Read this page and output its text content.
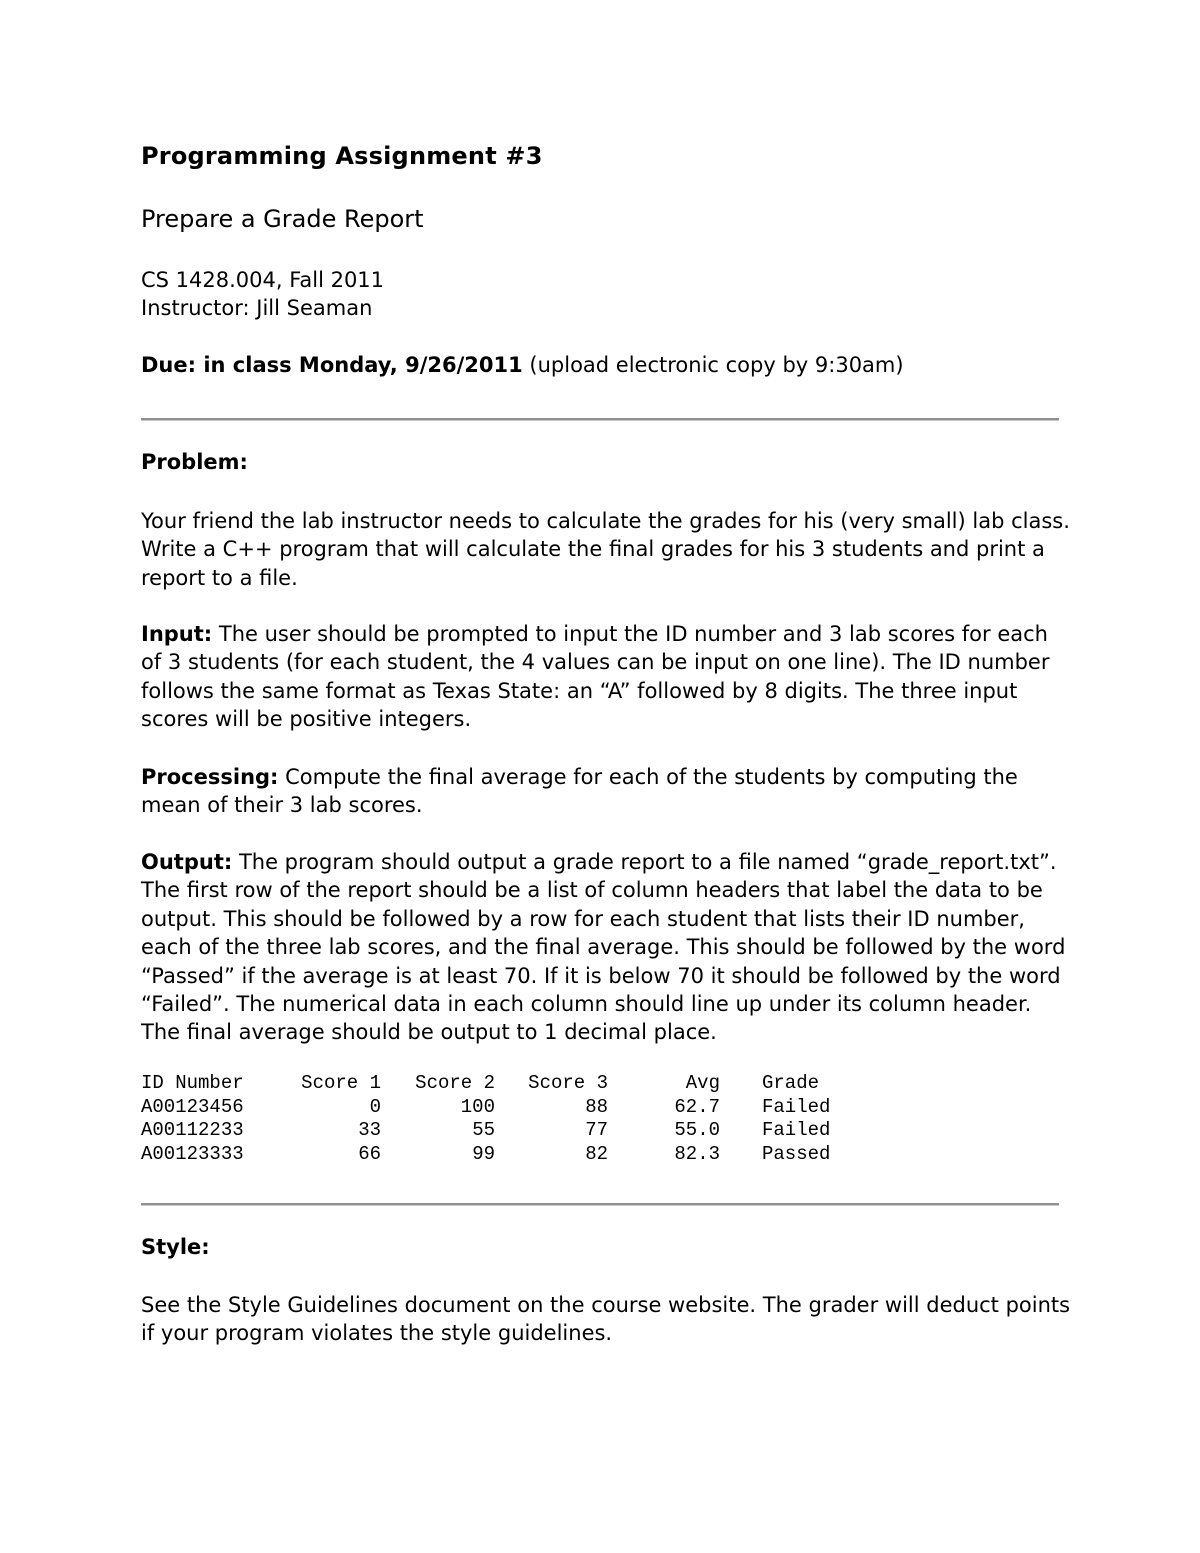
Programming Assignment #3
Prepare a Grade Report
CS 1428.004, Fall 2011
Instructor: Jill Seaman
Due: in class Monday, 9/26/2011 (upload electronic copy by 9:30am)
Problem:

Your friend the lab instructor needs to calculate the grades for his (very small) lab class. Write a C++ program that will calculate the final grades for his 3 students and print a report to a file.

Input: The user should be prompted to input the ID number and 3 lab scores for each of 3 students (for each student, the 4 values can be input on one line). The ID number follows the same format as Texas State: an “A” followed by 8 digits. The three input scores will be positive integers.

Processing: Compute the final average for each of the students by computing the mean of their 3 lab scores.

Output: The program should output a grade report to a file named “grade_report.txt”. The first row of the report should be a list of column headers that label the data to be output. This should be followed by a row for each student that lists their ID number, each of the three lab scores, and the final average. This should be followed by the word “Passed” if the average is at least 70. If it is below 70 it should be followed by the word “Failed”. The numerical data in each column should line up under its column header. The final average should be output to 1 decimal place.

ID Number	Score 1	Score 2	Score 3	Avg	Grade
A00123456	0	100	88	62.7	Failed
A00112233	33	55	77	55.0	Failed
A00123333	66	99	82	82.3	Passed
Style:

See the Style Guidelines document on the course website. The grader will deduct points if your program violates the style guidelines.
